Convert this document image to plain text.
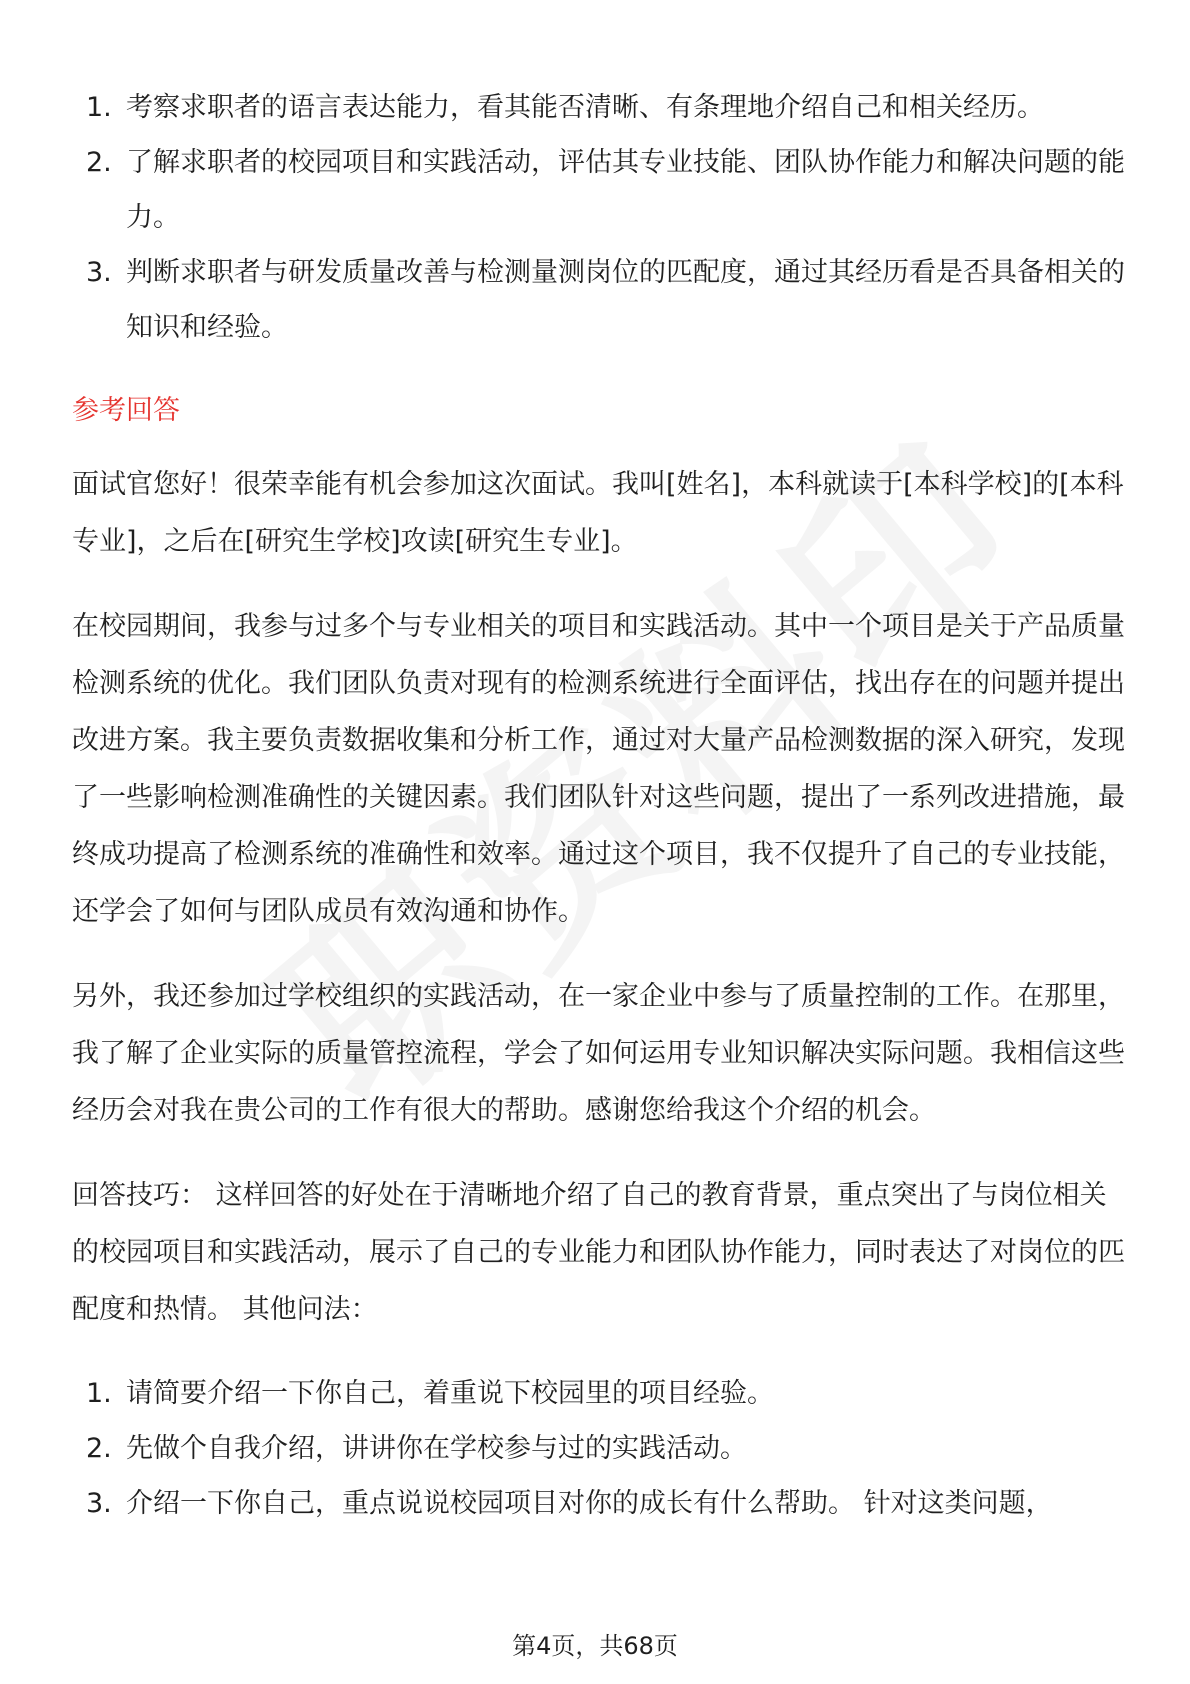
1. 考察求职者的语言表达能力，看其能否清晰、有条理地介绍自己和相关经历。
2. 了解求职者的校园项目和实践活动，评估其专业技能、团队协作能力和解决问题的能力。
3. 判断求职者与研发质量改善与检测量测岗位的匹配度，通过其经历看是否具备相关的知识和经验。
参考回答

面试官您好！很荣幸能有机会参加这次面试。我叫[姓名]，本科就读于[本科学校]的[本科专业]，之后在[研究生学校]攻读[研究生专业]。

在校园期间，我参与过多个与专业相关的项目和实践活动。其中一个项目是关于产品质量检测系统的优化。我们团队负责对现有的检测系统进行全面评估，找出存在的问题并提出改进方案。我主要负责数据收集和分析工作，通过对大量产品检测数据的深入研究，发现了一些影响检测准确性的关键因素。我们团队针对这些问题，提出了一系列改进措施，最终成功提高了检测系统的准确性和效率。通过这个项目，我不仅提升了自己的专业技能，还学会了如何与团队成员有效沟通和协作。

另外，我还参加过学校组织的实践活动，在一家企业中参与了质量控制的工作。在那里，我了解了企业实际的质量管控流程，学会了如何运用专业知识解决实际问题。我相信这些经历会对我在贵公司的工作有很大的帮助。感谢您给我这个介绍的机会。

回答技巧： 这样回答的好处在于清晰地介绍了自己的教育背景，重点突出了与岗位相关的校园项目和实践活动，展示了自己的专业能力和团队协作能力，同时表达了对岗位的匹配度和热情。 其他问法：

1. 请简要介绍一下你自己，着重说下校园里的项目经验。
2. 先做个自我介绍，讲讲你在学校参与过的实践活动。
3. 介绍一下你自己，重点说说校园项目对你的成长有什么帮助。 针对这类问题，
第4页，共68页
